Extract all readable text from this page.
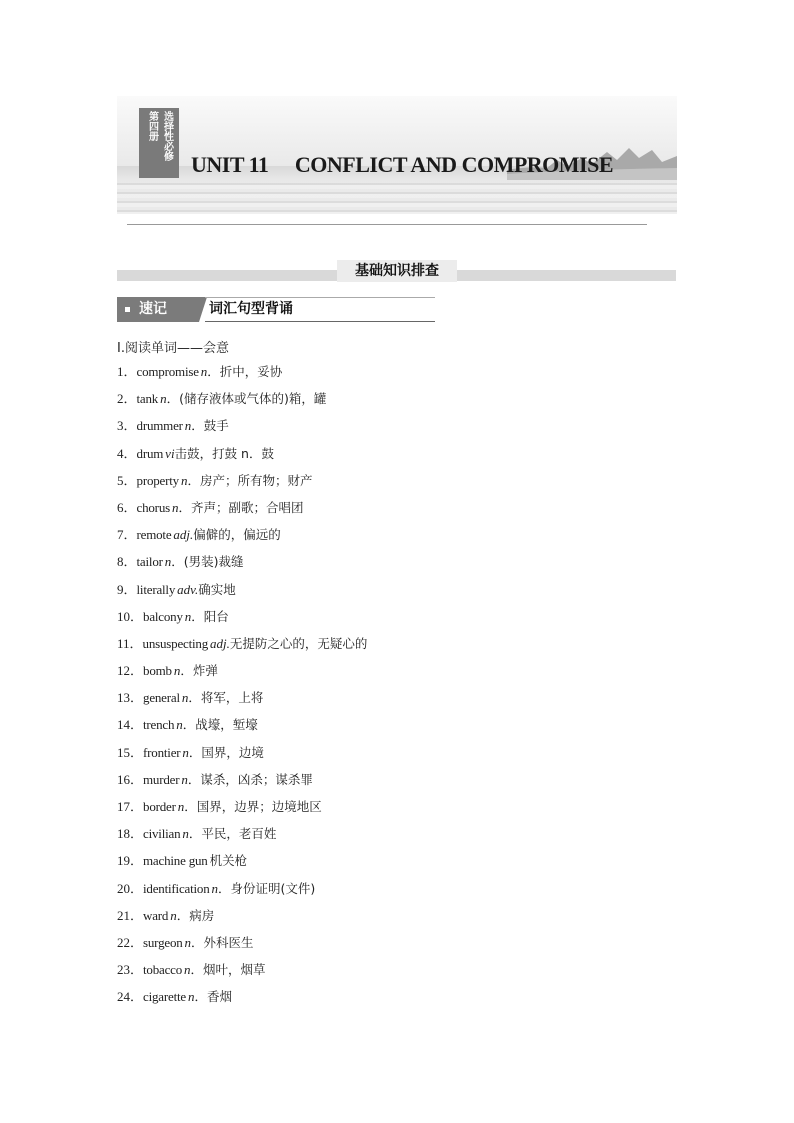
选择性必修
第四册
UNIT 11  CONFLICT AND COMPROMISE
基础知识排查
速记	词汇句型背诵
Ⅰ.阅读单词——会意
1．compromise n．折中，妥协
2．tank n．(储存液体或气体的)箱，罐
3．drummer n．鼓手
4．drum vi击鼓，打鼓 n．鼓
5．property n．房产；所有物；财产
6．chorus n．齐声；副歌；合唱团
7．remote adj.偏僻的，偏远的
8．tailor n．(男装)裁缝
9．literally adv.确实地
10．balcony n．阳台
11．unsuspecting adj.无提防之心的，无疑心的
12．bomb n．炸弹
13．general n．将军，上将
14．trench n．战壕，堑壕
15．frontier n．国界，边境
16．murder n．谋杀，凶杀；谋杀罪
17．border n．国界，边界；边境地区
18．civilian n．平民，老百姓
19．machine gun 机关枪
20．identification n．身份证明(文件)
21．ward n．病房
22．surgeon n．外科医生
23．tobacco n．烟叶，烟草
24．cigarette n．香烟
